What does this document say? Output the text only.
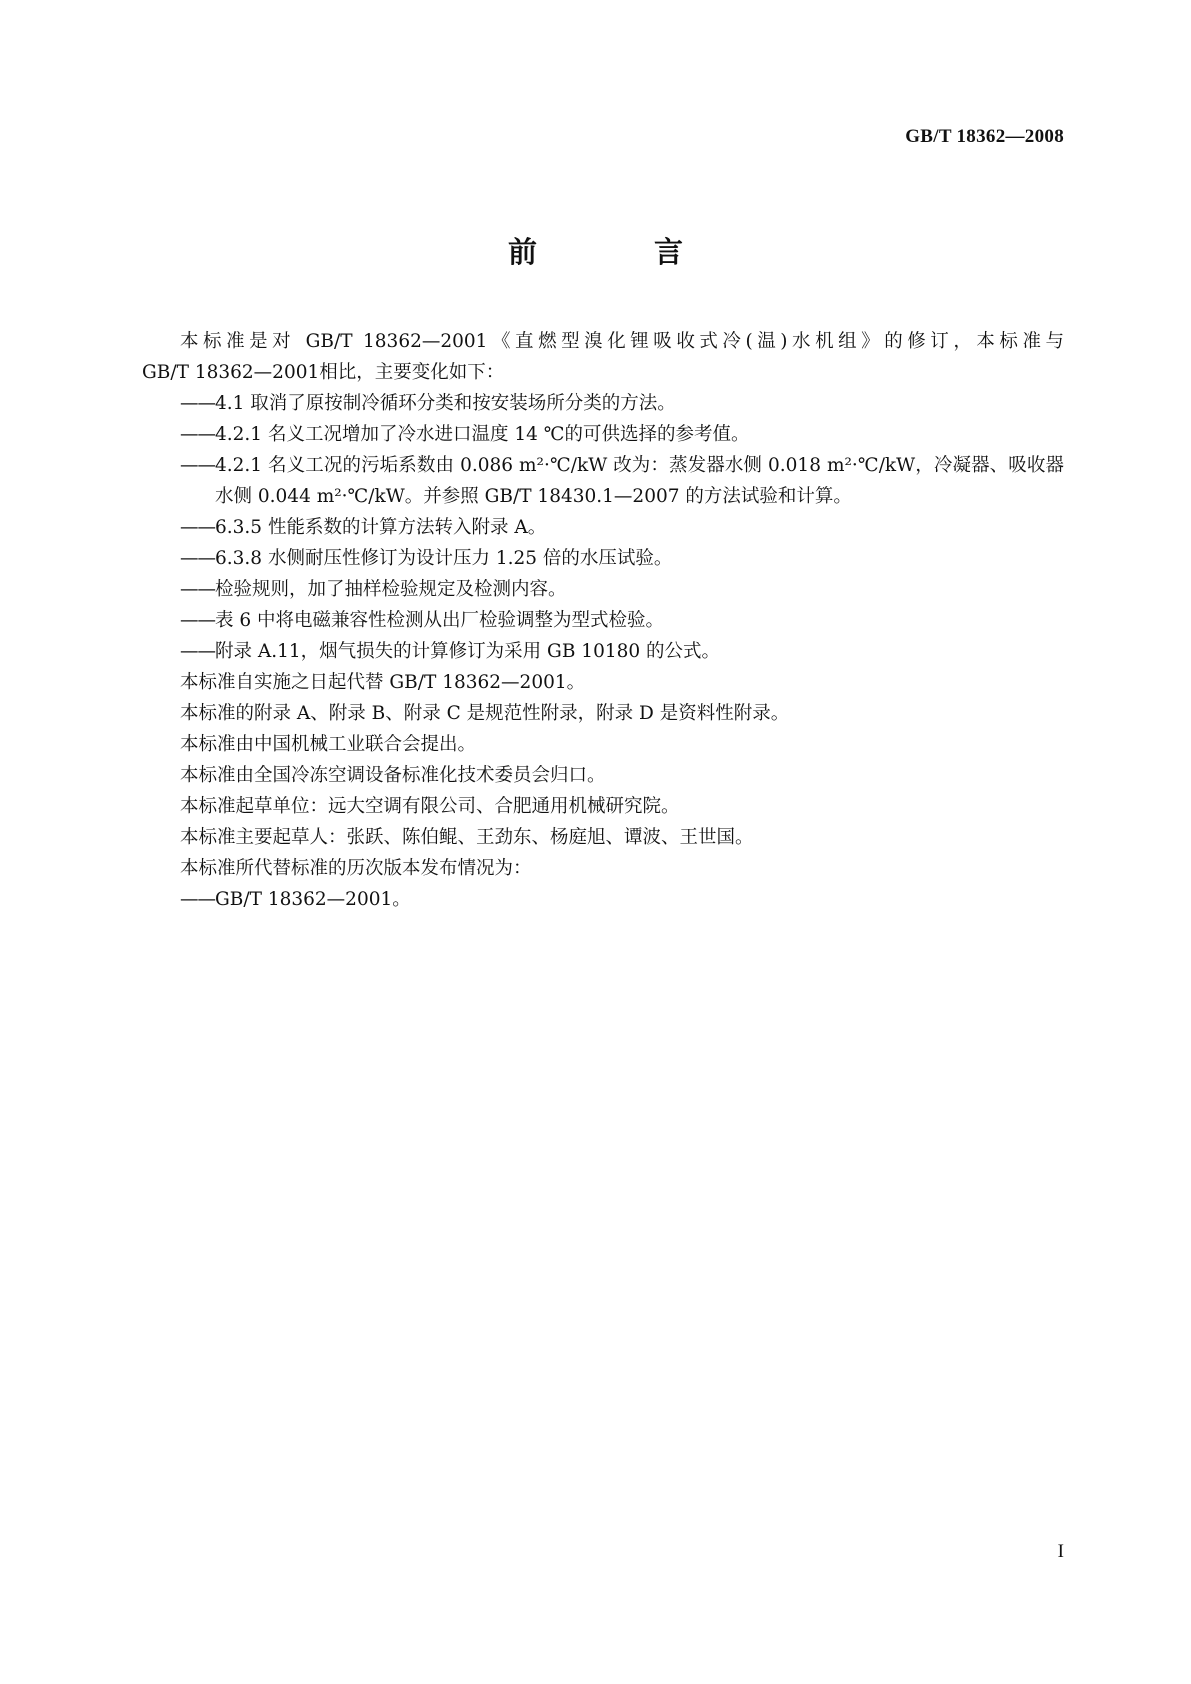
GB/T 18362—2008
前　言

本标准是对 GB/T 18362—2001《直燃型溴化锂吸收式冷(温)水机组》的修订，本标准与

GB/T 18362—2001相比，主要变化如下：

—— 4.1 取消了原按制冷循环分类和按安装场所分类的方法。
—— 4.2.1 名义工况增加了冷水进口温度 14 ℃的可供选择的参考值。
—— 4.2.1 名义工况的污垢系数由 0.086 m²·℃/kW 改为：蒸发器水侧 0.018 m²·℃/kW，冷凝器、吸收器水侧 0.044 m²·℃/kW。并参照 GB/T 18430.1—2007 的方法试验和计算。
—— 6.3.5 性能系数的计算方法转入附录 A。
—— 6.3.8 水侧耐压性修订为设计压力 1.25 倍的水压试验。
—— 检验规则，加了抽样检验规定及检测内容。
—— 表 6 中将电磁兼容性检测从出厂检验调整为型式检验。
—— 附录 A.11，烟气损失的计算修订为采用 GB 10180 的公式。

本标准自实施之日起代替 GB/T 18362—2001。

本标准的附录 A、附录 B、附录 C 是规范性附录，附录 D 是资料性附录。

本标准由中国机械工业联合会提出。

本标准由全国冷冻空调设备标准化技术委员会归口。

本标准起草单位：远大空调有限公司、合肥通用机械研究院。

本标准主要起草人：张跃、陈伯鲲、王劲东、杨庭旭、谭波、王世国。

本标准所代替标准的历次版本发布情况为：

—— GB/T 18362—2001。
I
